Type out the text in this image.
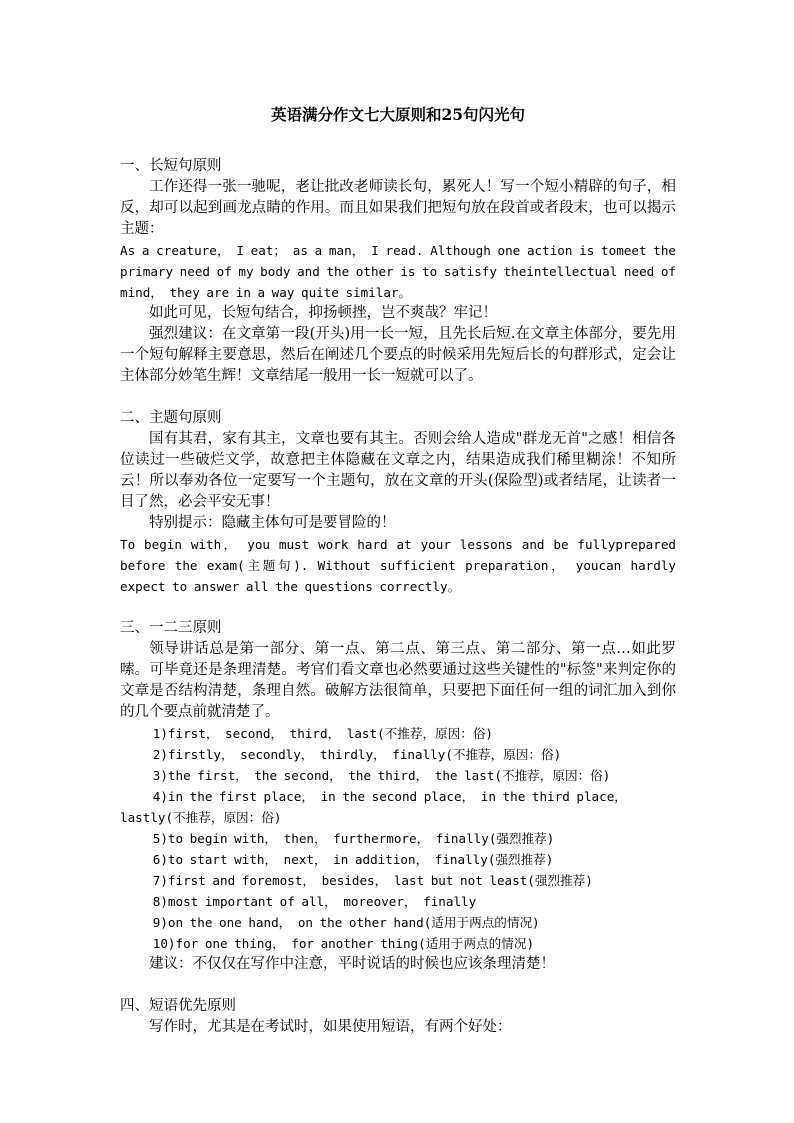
英语满分作文七大原则和25句闪光句

一、长短句原则

工作还得一张一驰呢，老让批改老师读长句，累死人！写一个短小精辟的句子，相反，却可以起到画龙点睛的作用。而且如果我们把短句放在段首或者段末，也可以揭示主题：

As a creature， I eat； as a man， I read. Although one action is tomeet the primary need of my body and the other is to satisfy theintellectual need of mind， they are in a way quite similar。

如此可见，长短句结合，抑扬顿挫，岂不爽哉？牢记！

强烈建议：在文章第一段(开头)用一长一短，且先长后短.在文章主体部分，要先用一个短句解释主要意思，然后在阐述几个要点的时候采用先短后长的句群形式，定会让主体部分妙笔生辉！文章结尾一般用一长一短就可以了。

二、主题句原则

国有其君，家有其主，文章也要有其主。否则会给人造成"群龙无首"之感！相信各位读过一些破烂文学，故意把主体隐藏在文章之内，结果造成我们稀里糊涂！不知所云！所以奉劝各位一定要写一个主题句，放在文章的开头(保险型)或者结尾，让读者一目了然，必会平安无事！

特别提示：隐藏主体句可是要冒险的！

To begin with， you must work hard at your lessons and be fullyprepared before the exam(主题句). Without sufficient preparation， youcan hardly expect to answer all the questions correctly。

三、一二三原则

领导讲话总是第一部分、第一点、第二点、第三点、第二部分、第一点…如此罗嗦。可毕竟还是条理清楚。考官们看文章也必然要通过这些关键性的"标签"来判定你的文章是否结构清楚，条理自然。破解方法很简单，只要把下面任何一组的词汇加入到你的几个要点前就清楚了。

1)first， second， third， last(不推荐，原因：俗)

2)firstly， secondly， thirdly， finally(不推荐，原因：俗)

3)the first， the second， the third， the last(不推荐，原因：俗)

4)in the first place， in the second place， in the third place， lastly(不推荐，原因：俗)

5)to begin with， then， furthermore， finally(强烈推荐)

6)to start with， next， in addition， finally(强烈推荐)

7)first and foremost， besides， last but not least(强烈推荐)

8)most important of all， moreover， finally

9)on the one hand， on the other hand(适用于两点的情况)

10)for one thing， for another thing(适用于两点的情况)

建议：不仅仅在写作中注意，平时说话的时候也应该条理清楚！

四、短语优先原则

写作时，尤其是在考试时，如果使用短语，有两个好处：
